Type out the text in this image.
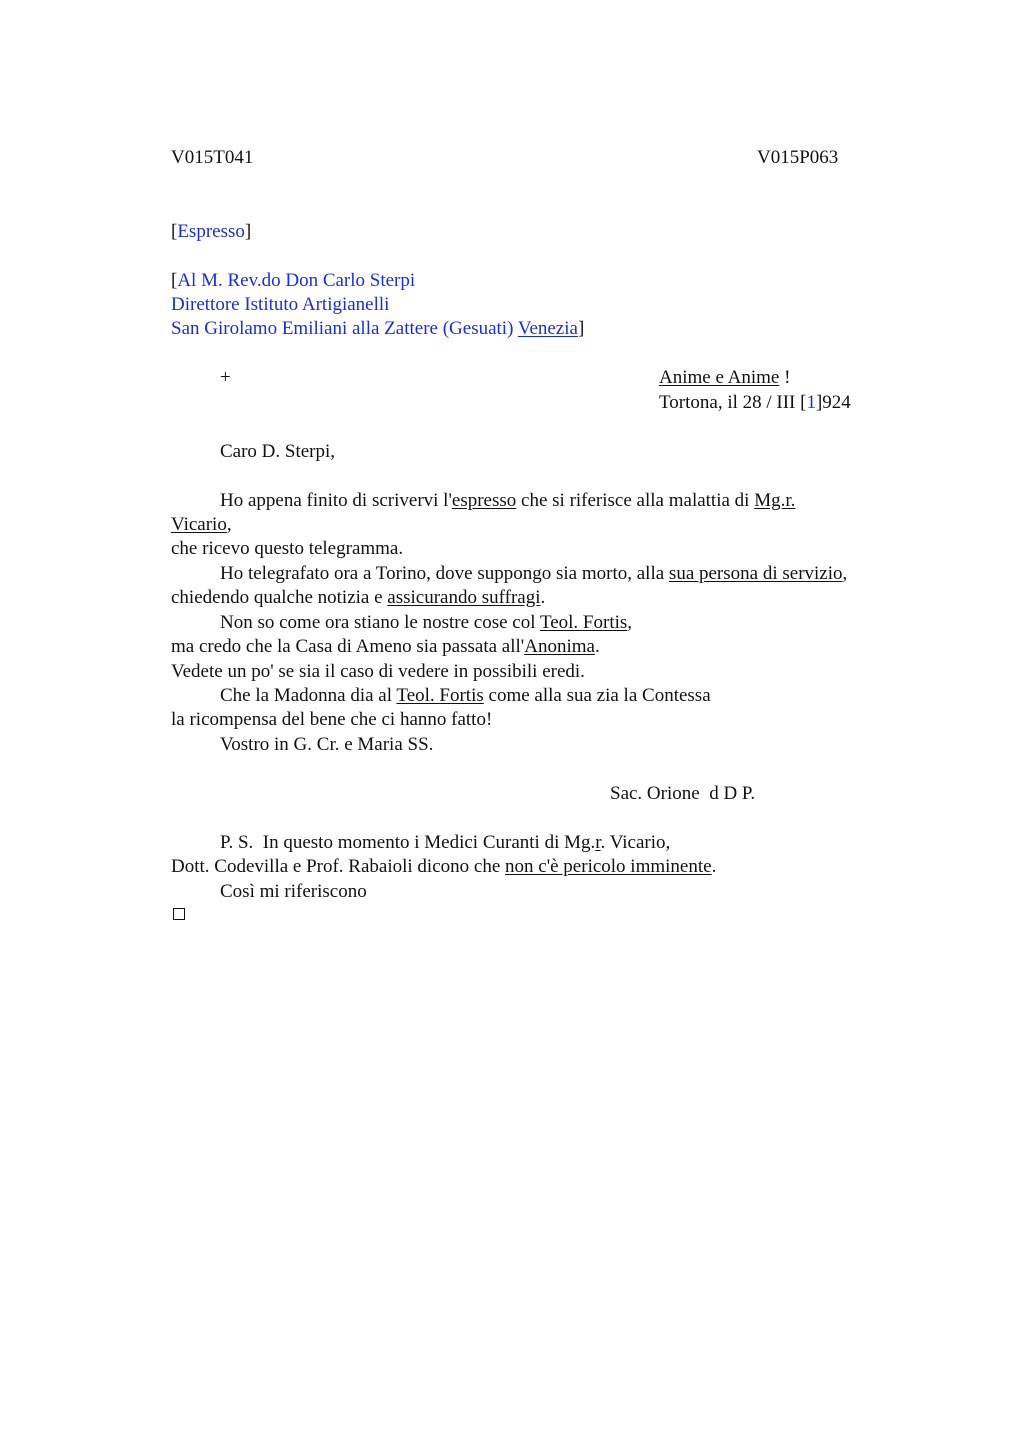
V015T041	V015P063
[Espresso]
[Al M. Rev.do Don Carlo Sterpi
Direttore Istituto Artigianelli
San Girolamo Emiliani alla Zattere (Gesuati) Venezia]
+	Anime e Anime !
Tortona, il 28 / III [1]924
Caro D. Sterpi,
Ho appena finito di scrivervi l'espresso che si riferisce alla malattia di Mg.r.
Vicario,
che ricevo questo telegramma.
Ho telegrafato ora a Torino, dove suppongo sia morto, alla sua persona di servizio,
chiedendo qualche notizia e assicurando suffragi.
Non so come ora stiano le nostre cose col Teol. Fortis,
ma credo che la Casa di Ameno sia passata all'Anonima.
Vedete un po' se sia il caso di vedere in possibili eredi.
Che la Madonna dia al Teol. Fortis come alla sua zia la Contessa
la ricompensa del bene che ci hanno fatto!
Vostro in G. Cr. e Maria SS.
Sac. Orione  d D P.
P. S.  In questo momento i Medici Curanti di Mg.r. Vicario,
Dott. Codevilla e Prof. Rabaioli dicono che non c'è pericolo imminente.
Così mi riferiscono
